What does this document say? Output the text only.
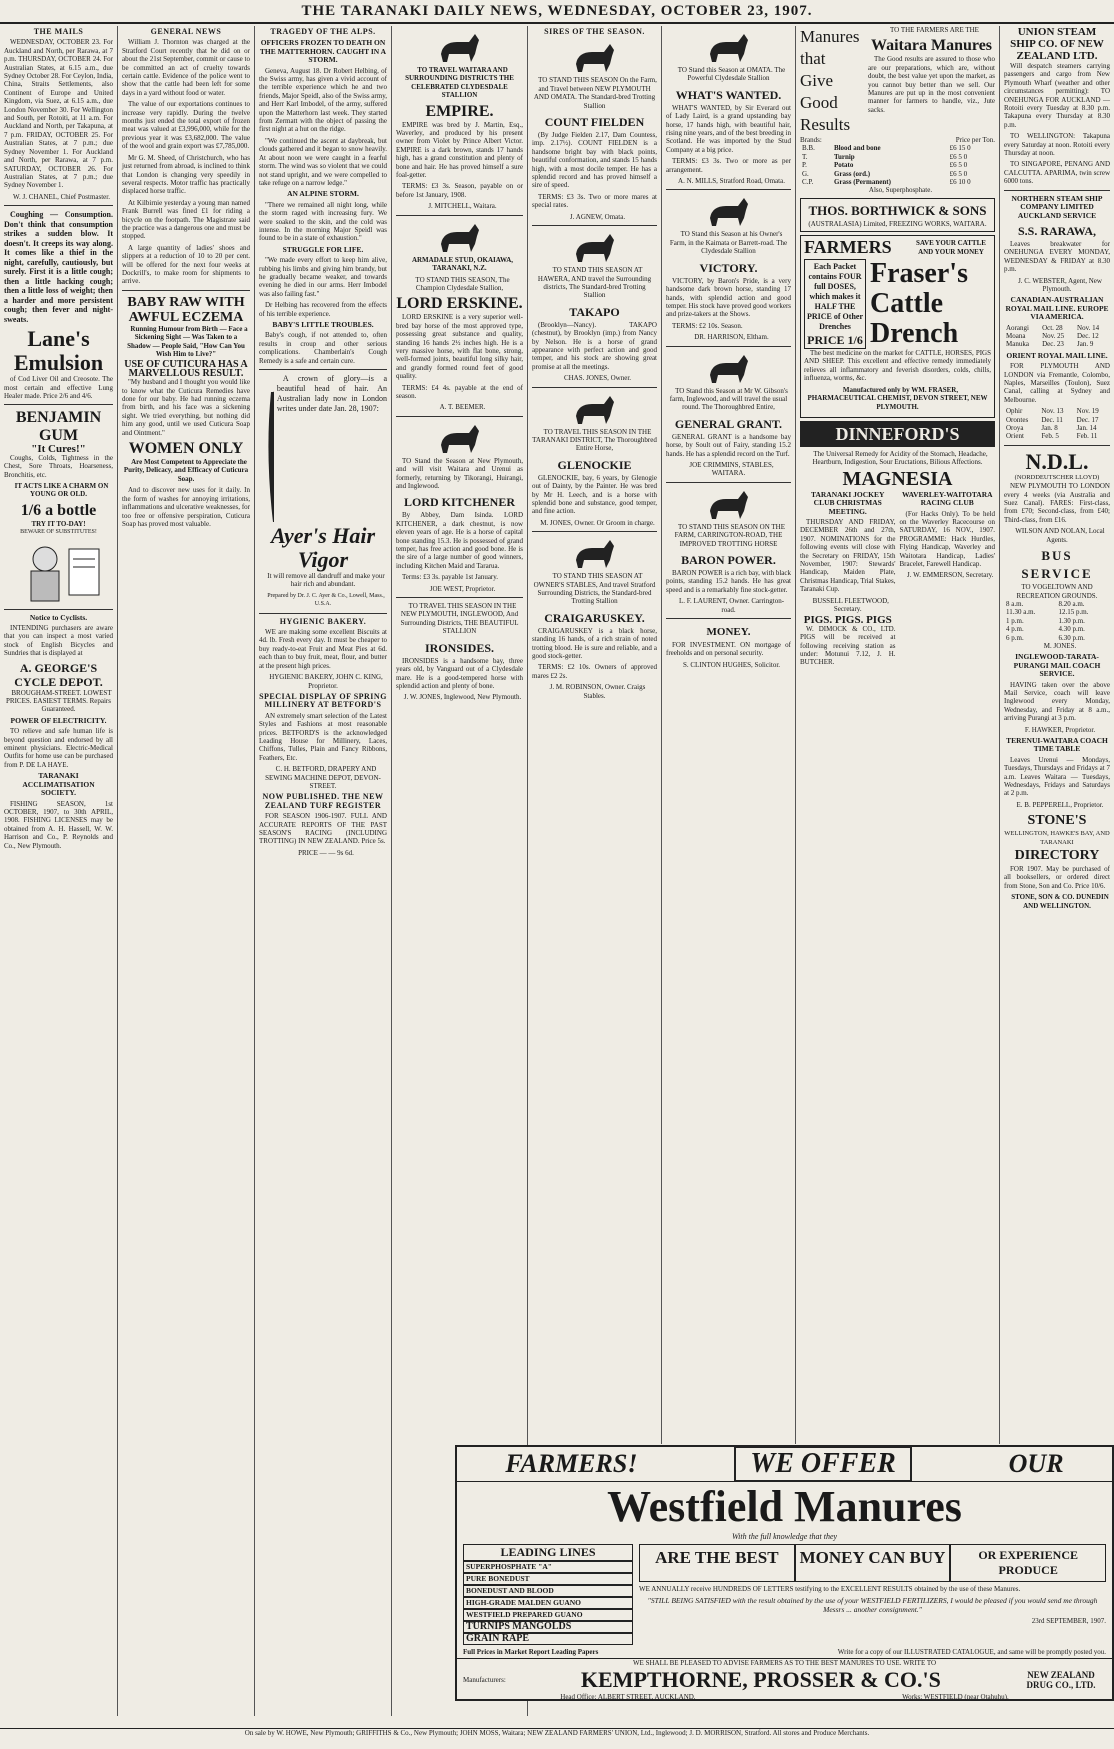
THE TARANAKI DAILY NEWS, WEDNESDAY, OCTOBER 23, 1907.
THE MAILS

WEDNESDAY, OCTOBER 23. For Auckland and North, per Rarawa, at 7 p.m. THURSDAY, OCTOBER 24. For Australian States, at 6.15 a.m., due Sydney October 28. For Ceylon, India, China, Straits Settlements, also Continent of Europe and United Kingdom, via Suez, at 6.15 a.m., due London November 30. For Wellington and South, per Rotoiti, at 11 a.m. For Auckland and North, per Takapuna, at 7 p.m. FRIDAY, OCTOBER 25. For Australian States, at 7 p.m.; due Sydney November 1. For Auckland and North, per Rarawa, at 7 p.m. SATURDAY, OCTOBER 26. For Australian States, at 7 p.m.; due Sydney November 1.

W. J. CHANEL, Chief Postmaster.

Coughing — Consumption. Don't think that consumption strikes a sudden blow. It doesn't. It creeps its way along. It comes like a thief in the night, carefully, cautiously, but surely. First it is a little cough; then a little hacking cough; then a little loss of weight; then a harder and more persistent cough; then fever and night-sweats.

Lane's Emulsion

of Cod Liver Oil and Creosote. The most certain and effective Lung Healer made. Price 2/6 and 4/6.

BENJAMIN GUM
"It Cures!"

Coughs, Colds, Tightness in the Chest, Sore Throats, Hoarseness, Bronchitis, etc.

IT ACTS LIKE A CHARM ON YOUNG OR OLD.

1/6 a bottle
TRY IT TO-DAY!
BEWARE OF SUBSTITUTES!
Notice to Cyclists.

INTENDING purchasers are aware that you can inspect a most varied stock of English Bicycles and Sundries that is displayed at

A. GEORGE'S CYCLE DEPOT.

BROUGHAM-STREET. LOWEST PRICES. EASIEST TERMS. Repairs Guaranteed.

POWER OF ELECTRICITY.

TO relieve and safe human life is beyond question and endorsed by all eminent physicians. Electric-Medical Outfits for home use can be purchased from P. DE LA HAYE.

TARANAKI ACCLIMATISATION SOCIETY.

FISHING SEASON, 1st OCTOBER, 1907, to 30th APRIL, 1908. FISHING LICENSES may be obtained from A. H. Hassell, W. W. Harrison and Co., P. Reynolds and Co., New Plymouth.

GENERAL NEWS

William J. Thornton was charged at the Stratford Court recently that he did on or about the 21st September, commit or cause to be committed an act of cruelty towards certain cattle. Evidence of the police went to show that the cattle had been left for some days in a yard without food or water.

The value of our exportations continues to increase very rapidly. During the twelve months just ended the total export of frozen meat was valued at £3,996,000, while for the previous year it was £3,682,000. The value of the wool and grain export was £7,785,000.

Mr G. M. Sheed, of Christchurch, who has just returned from abroad, is inclined to think that London is changing very speedily in several respects. Motor traffic has practically displaced horse traffic.

At Kilbirnie yesterday a young man named Frank Burrell was fined £1 for riding a bicycle on the footpath. The Magistrate said the practice was a dangerous one and must be stopped.

A large quantity of ladies' shoes and slippers at a reduction of 10 to 20 per cent. will be offered for the next four weeks at Dockrill's, to make room for shipments to arrive.

BABY RAW WITH AWFUL ECZEMA

Running Humour from Birth — Face a Sickening Sight — Was Taken to a Shadow — People Said, "How Can You Wish Him to Live?"

USE OF CUTICURA HAS A MARVELLOUS RESULT.

"My husband and I thought you would like to know what the Cuticura Remedies have done for our baby. He had running eczema from birth, and his face was a sickening sight. We tried everything, but nothing did him any good, until we used Cuticura Soap and Ointment."

WOMEN ONLY

Are Most Competent to Appreciate the Purity, Delicacy, and Efficacy of Cuticura Soap.

And to discover new uses for it daily. In the form of washes for annoying irritations, inflammations and ulcerative weaknesses, for too free or offensive perspiration, Cuticura Soap has proved most valuable.

TRAGEDY OF THE ALPS.
OFFICERS FROZEN TO DEATH ON THE MATTERHORN. CAUGHT IN A STORM.

Geneva, August 18. Dr Robert Helbing, of the Swiss army, has given a vivid account of the terrible experience which he and two friends, Major Speidl, also of the Swiss army, and Herr Karl Imbodel, of the army, suffered upon the Matterhorn last week. They started from Zermatt with the object of passing the first night at a hut on the ridge.

"We continued the ascent at daybreak, but clouds gathered and it began to snow heavily. At about noon we were caught in a fearful storm. The wind was so violent that we could not stand upright, and we were compelled to take refuge on a narrow ledge."

AN ALPINE STORM.

"There we remained all night long, while the storm raged with increasing fury. We were soaked to the skin, and the cold was intense. In the morning Major Speidl was found to be in a state of exhaustion."

STRUGGLE FOR LIFE.

"We made every effort to keep him alive, rubbing his limbs and giving him brandy, but he gradually became weaker, and towards evening he died in our arms. Herr Imbodel was also failing fast."

Dr Helbing has recovered from the effects of his terrible experience.

BABY'S LITTLE TROUBLES.

Baby's cough, if not attended to, often results in croup and other serious complications. Chamberlain's Cough Remedy is a safe and certain cure.

A crown of glory—is a beautiful head of hair. An Australian lady now in London writes under date Jan. 28, 1907:

Ayer's Hair Vigor

It will remove all dandruff and make your hair rich and abundant.

Prepared by Dr. J. C. Ayer & Co., Lowell, Mass., U.S.A.

HYGIENIC BAKERY.

WE are making some excellent Biscuits at 4d. lb. Fresh every day. It must be cheaper to buy ready-to-eat Fruit and Meat Pies at 6d. each than to buy fruit, meat, flour, and butter at the present high prices.

HYGIENIC BAKERY, JOHN C. KING, Proprietor.

SPECIAL DISPLAY OF SPRING MILLINERY AT BETFORD'S

AN extremely smart selection of the Latest Styles and Fashions at most reasonable prices. BETFORD'S is the acknowledged Leading House for Millinery, Laces, Chiffons, Tulles, Plain and Fancy Ribbons, Feathers, Etc.

C. H. BETFORD, DRAPERY AND SEWING MACHINE DEPOT, DEVON-STREET.

NOW PUBLISHED. THE NEW ZEALAND TURF REGISTER

FOR SEASON 1906-1907. FULL AND ACCURATE REPORTS OF THE PAST SEASON'S RACING (INCLUDING TROTTING) IN NEW ZEALAND. Price 5s.

PRICE — — 9s 6d.

TO TRAVEL WAITARA AND SURROUNDING DISTRICTS THE CELEBRATED CLYDESDALE STALLION

EMPIRE.

EMPIRE was bred by J. Martin, Esq., Waverley, and produced by his present owner from Violet by Prince Albert Victor. EMPIRE is a dark brown, stands 17 hands high, has a grand constitution and plenty of bone and hair. He has proved himself a sure foal-getter.

TERMS: £3 3s. Season, payable on or before 1st January, 1908.

J. MITCHELL, Waitara.

ARMADALE STUD, OKAIAWA, TARANAKI, N.Z.

TO STAND THIS SEASON, The Champion Clydesdale Stallion,

LORD ERSKINE.

LORD ERSKINE is a very superior well-bred bay horse of the most approved type, possessing great substance and quality, standing 16 hands 2½ inches high. He is a very massive horse, with flat bone, strong, well-formed joints, beautiful long silky hair, and grandly formed round feet of good quality.

TERMS: £4 4s. payable at the end of season.

A. T. BEEMER.

TO Stand the Season at New Plymouth, and will visit Waitara and Urenui as formerly, returning by Tikorangi, Huirangi, and Inglewood.

LORD KITCHENER

By Abbey, Dam Isinda. LORD KITCHENER, a dark chestnut, is now eleven years of age. He is a horse of capital bone standing 15.3. He is possessed of grand temper, has free action and good bone. He is the sire of a large number of good winners, including Kitchen Maid and Tararua.

Terms: £3 3s. payable 1st January.

JOE WEST, Proprietor.

TO TRAVEL THIS SEASON IN THE NEW PLYMOUTH, INGLEWOOD, And Surrounding Districts, THE BEAUTIFUL STALLION

IRONSIDES.

IRONSIDES is a handsome bay, three years old, by Vanguard out of a Clydesdale mare. He is a good-tempered horse with splendid action and plenty of bone.

J. W. JONES, Inglewood, New Plymouth.

SIRES OF THE SEASON.

TO STAND THIS SEASON On the Farm, and Travel between NEW PLYMOUTH AND OMATA. The Standard-bred Trotting Stallion

COUNT FIELDEN

(By Judge Fielden 2.17, Dam Countess, imp. 2.17½). COUNT FIELDEN is a handsome bright bay with black points, beautiful conformation, and stands 15 hands high, with a most docile temper. He has a splendid record and has proved himself a sire of speed.

TERMS: £3 3s. Two or more mares at special rates.

J. AGNEW, Omata.

TO STAND THIS SEASON AT HAWERA, AND travel the Surrounding districts, The Standard-bred Trotting Stallion

TAKAPO

(Brooklyn—Nancy). TAKAPO (chestnut), by Brooklyn (imp.) from Nancy by Nelson. He is a horse of grand appearance with perfect action and good temper, and his stock are showing great promise at all the meetings.

CHAS. JONES, Owner.

TO TRAVEL THIS SEASON IN THE TARANAKI DISTRICT, The Thoroughbred Entire Horse,

GLENOCKIE

GLENOCKIE, bay, 6 years, by Glenogie out of Dainty, by the Painter. He was bred by Mr H. Leech, and is a horse with splendid bone and substance, good temper, and fine action.

M. JONES, Owner. Or Groom in charge.

TO STAND THIS SEASON AT OWNER'S STABLES, And travel Stratford Surrounding Districts, the Standard-bred Trotting Stallion

CRAIGARUSKEY.

CRAIGARUSKEY is a black horse, standing 16 hands, of a rich strain of noted trotting blood. He is sure and reliable, and a good stock-getter.

TERMS: £2 10s. Owners of approved mares £2 2s.

J. M. ROBINSON, Owner. Craigs Stables.

TO Stand this Season at OMATA. The Powerful Clydesdale Stallion

WHAT'S WANTED.

WHAT'S WANTED, by Sir Everard out of Lady Laird, is a grand upstanding bay horse, 17 hands high, with beautiful hair, rising nine years, and of the best breeding in Scotland. He was imported by the Stud Company at a big price.

TERMS: £3 3s. Two or more as per arrangement.

A. N. MILLS, Stratford Road, Omata.

TO Stand this Season at his Owner's Farm, in the Kaimata or Barrett-road. The Clydesdale Stallion

VICTORY.

VICTORY, by Baron's Pride, is a very handsome dark brown horse, standing 17 hands, with splendid action and good temper. His stock have proved good workers and prize-takers at the Shows.

TERMS: £2 10s. Season.

DR. HARRISON, Eltham.

TO Stand this Season at Mr W. Gibson's farm, Inglewood, and will travel the usual round. The Thoroughbred Entire,

GENERAL GRANT.

GENERAL GRANT is a handsome bay horse, by Soult out of Fairy, standing 15.2 hands. He has a splendid record on the Turf.

JOE CRIMMINS, STABLES, WAITARA.

TO STAND THIS SEASON ON THE FARM, CARRINGTON-ROAD, THE IMPROVED TROTTING HORSE

BARON POWER.

BARON POWER is a rich bay, with black points, standing 15.2 hands. He has great speed and is a remarkably fine stock-getter.

L. F. LAURENT, Owner. Carrington-road.

MONEY.

FOR INVESTMENT. ON mortgage of freeholds and on personal security.

S. CLINTON HUGHES, Solicitor.

Manures
that
Give
Good
Results

TO THE FARMERS ARE THE

Waitara Manures

The Good results are assured to those who are our preparations, which are, without doubt, the best value yet upon the market, as you cannot buy better than we sell. Our Manures are put up in the most convenient manner for farmers to handle, viz., Jute sacks.

Brands:	Price per Ton.
B.B.	Blood and bone	£6 15 0
T.	Turnip	£6 5 0
P.	Potato	£6 5 0
G.	Grass (ord.)	£6 5 0
C.P.	Grass (Permanent)	£6 10 0

Also, Superphosphate.

THOS. BORTHWICK & SONS
(AUSTRALASIA) Limited, FREEZING WORKS, WAITARA.
FARMERS	SAVE YOUR CATTLE AND YOUR MONEY
Each Packet contains FOUR full DOSES, which makes it HALF THE PRICE of Other Drenches
PRICE 1/6
Fraser's Cattle Drench

The best medicine on the market for CATTLE, HORSES, PIGS AND SHEEP. This excellent and effective remedy immediately relieves all inflammatory and feverish disorders, colds, chills, influenza, worms, &c.

Manufactured only by WM. FRASER, PHARMACEUTICAL CHEMIST, DEVON STREET, NEW PLYMOUTH.

DINNEFORD'S

The Universal Remedy for Acidity of the Stomach, Headache, Heartburn, Indigestion, Sour Eructations, Bilious Affections.

MAGNESIA
TARANAKI JOCKEY CLUB CHRISTMAS MEETING.

THURSDAY AND FRIDAY, DECEMBER 26th and 27th, 1907. NOMINATIONS for the following events will close with the Secretary on FRIDAY, 15th November, 1907: Stewards' Handicap, Maiden Plate, Christmas Handicap, Trial Stakes, Taranaki Cup.

BUSSELL FLEETWOOD, Secretary.

PIGS. PIGS. PIGS

W. DIMOCK & CO., LTD. PIGS will be received at following receiving station as under: Motunui 7.12, J. H. BUTCHER.

WAVERLEY-WAITOTARA RACING CLUB

(For Hacks Only). To be held on the Waverley Racecourse on SATURDAY, 16 NOV., 1907. PROGRAMME: Hack Hurdles, Flying Handicap, Waverley and Waitotara Handicap, Ladies' Bracelet, Farewell Handicap.

J. W. EMMERSON, Secretary.

UNION STEAM SHIP CO. OF NEW ZEALAND LTD.

Will despatch steamers carrying passengers and cargo from New Plymouth Wharf (weather and other circumstances permitting): TO ONEHUNGA FOR AUCKLAND — Rotoiti every Tuesday at 8.30 p.m. Takapuna every Thursday at 8.30 p.m.

TO WELLINGTON: Takapuna every Saturday at noon. Rotoiti every Thursday at noon.

TO SINGAPORE, PENANG AND CALCUTTA. APARIMA, twin screw 6000 tons.

NORTHERN STEAM SHIP COMPANY LIMITED AUCKLAND SERVICE
S.S. RARAWA,

Leaves breakwater for ONEHUNGA EVERY MONDAY, WEDNESDAY & FRIDAY at 8.30 p.m.

J. C. WEBSTER, Agent, New Plymouth.

CANADIAN-AUSTRALIAN ROYAL MAIL LINE. EUROPE VIA AMERICA.
Aorangi	Oct. 28	Nov. 14
Moana	Nov. 25	Dec. 12
Manuka	Dec. 23	Jan. 9
ORIENT ROYAL MAIL LINE.

FOR PLYMOUTH AND LONDON via Fremantle, Colombo, Naples, Marseilles (Toulon), Suez Canal, calling at Sydney and Melbourne.

Ophir	Nov. 13	Nov. 19
Orontes	Dec. 11	Dec. 17
Oroya	Jan. 8	Jan. 14
Orient	Feb. 5	Feb. 11
N.D.L.
(NORDDEUTSCHER LLOYD)

NEW PLYMOUTH TO LONDON every 4 weeks (via Australia and Suez Canal). FARES: First-class, from £70; Second-class, from £40; Third-class, from £16.

WILSON AND NOLAN, Local Agents.

BUS SERVICE
TO VOGELTOWN AND RECREATION GROUNDS.
8 a.m.	8.20 a.m.
11.30 a.m.	12.15 p.m.
1 p.m.	1.30 p.m.
4 p.m.	4.30 p.m.
6 p.m.	6.30 p.m.

M. JONES.

INGLEWOOD-TARATA-PURANGI MAIL COACH SERVICE.

HAVING taken over the above Mail Service, coach will leave Inglewood every Monday, Wednesday, and Friday at 8 a.m., arriving Purangi at 3 p.m.

F. HAWKER, Proprietor.

TERENUI-WAITARA COACH TIME TABLE

Leaves Urenui — Mondays, Tuesdays, Thursdays and Fridays at 7 a.m. Leaves Waitara — Tuesdays, Wednesdays, Fridays and Saturdays at 2 p.m.

E. B. PEPPERELL, Proprietor.

STONE'S
WELLINGTON, HAWKE'S BAY, AND TARANAKI
DIRECTORY

FOR 1907. May be purchased of all booksellers, or ordered direct from Stone, Son and Co. Price 10/6.

STONE, SON & CO. DUNEDIN AND WELLINGTON.

FARMERS!	WE OFFER	OUR
Westfield Manures
With the full knowledge that they
LEADING LINES
SUPERPHOSPHATE "A"
PURE BONEDUST
BONEDUST AND BLOOD
HIGH-GRADE MALDEN GUANO
WESTFIELD PREPARED GUANO
TURNIPS MANGOLDS
GRAIN RAPE
ARE THE BEST	MONEY CAN BUY	OR EXPERIENCE PRODUCE

WE ANNUALLY receive HUNDREDS OF LETTERS testifying to the EXCELLENT RESULTS obtained by the use of these Manures.

"STILL BEING SATISFIED with the result obtained by the use of your WESTFIELD FERTILIZERS, I would be pleased if you would send me through Messrs ... another consignment."

23rd SEPTEMBER, 1907.

Full Prices in Market Report Leading Papers	Write for a copy of our ILLUSTRATED CATALOGUE, and same will be promptly posted you.
WE SHALL BE PLEASED TO ADVISE FARMERS AS TO THE BEST MANURES TO USE. WRITE TO
Manufacturers:	KEMPTHORNE, PROSSER & CO.'S	NEW ZEALAND DRUG CO., LTD.
Head Office: ALBERT STREET, AUCKLAND.	Works: WESTFIELD (near Otahuhu).
On sale by W. HOWE, New Plymouth; GRIFFITHS & Co., New Plymouth; JOHN MOSS, Waitara; NEW ZEALAND FARMERS' UNION, Ltd., Inglewood; J. D. MORRISON, Stratford. All stores and Produce Merchants.
